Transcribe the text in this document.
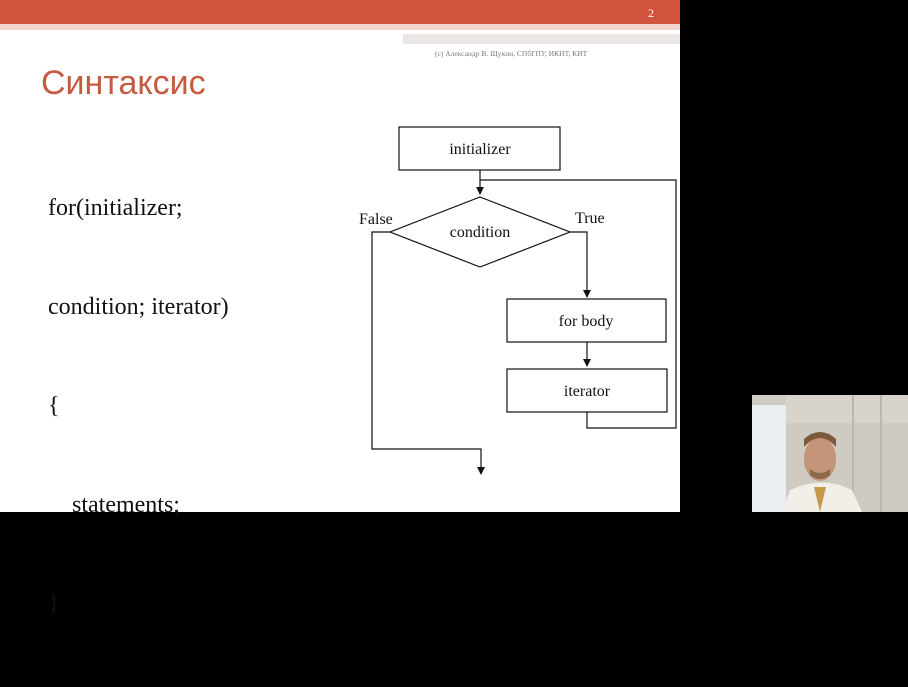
2
(с) Александр В. Щукин, СПбГПУ, ИКНТ, КИТ
Синтаксис

for(initializer;

condition; iterator)

{

statements;

}

initializer
condition
False	True
for body
iterator
